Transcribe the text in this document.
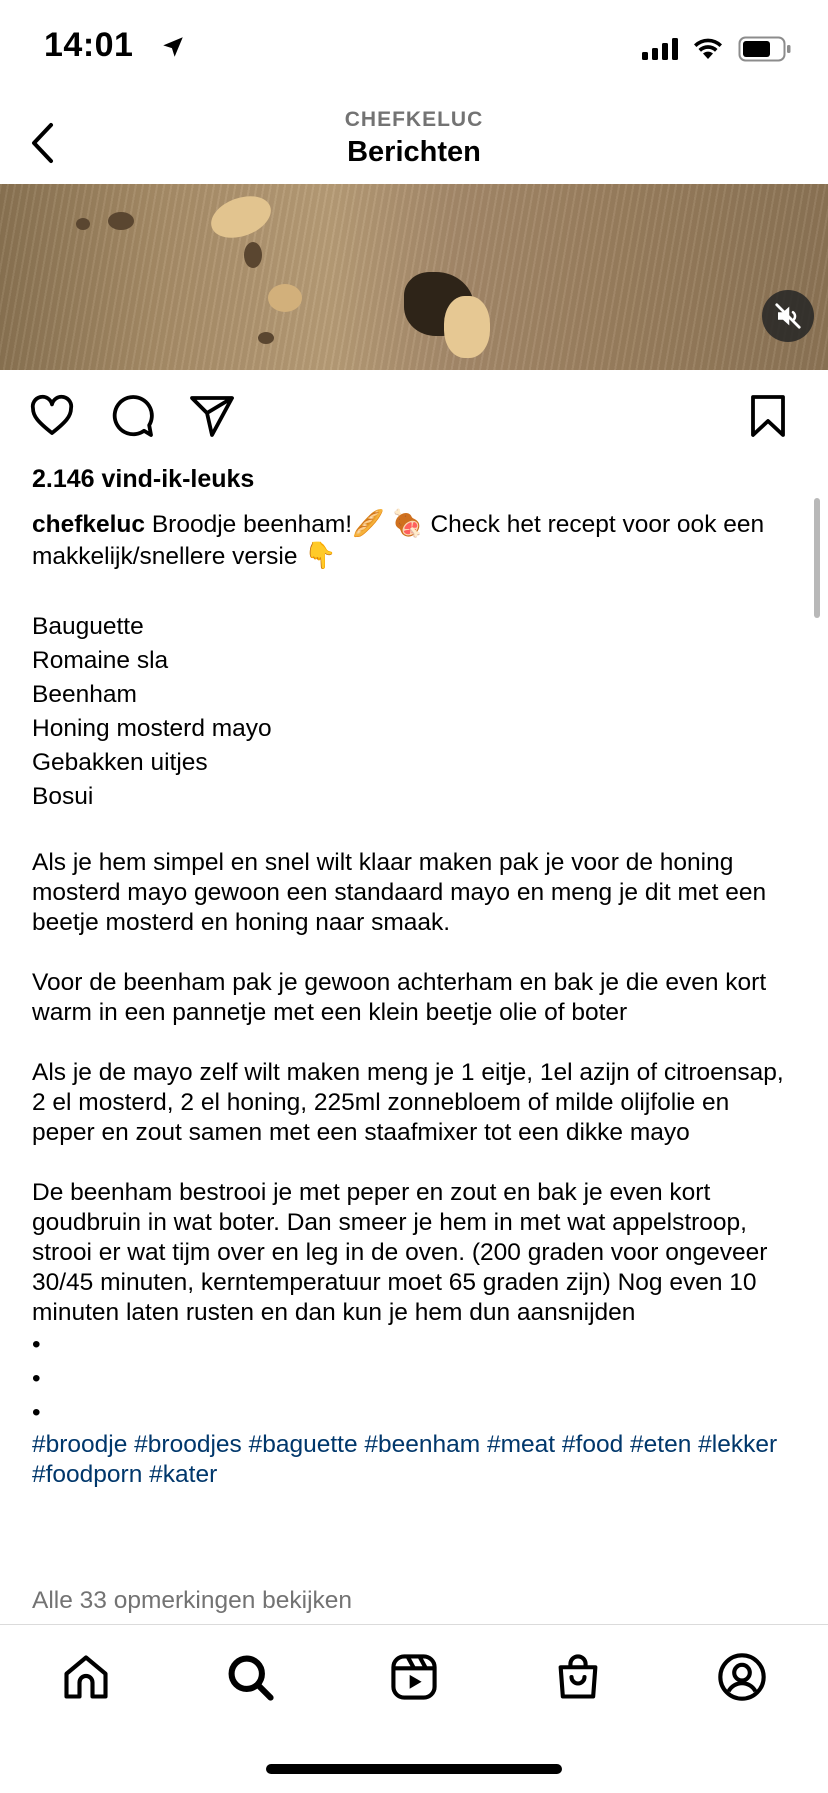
14:01
CHEFKELUC
Berichten
2.146 vind-ik-leuks

chefkeluc Broodje beenham!🥖 🍖 Check het recept voor ook een makkelijk/snellere versie 👇

Bauguette

Romaine sla

Beenham

Honing mosterd mayo

Gebakken uitjes

Bosui

Als je hem simpel en snel wilt klaar maken pak je voor de honing mosterd mayo gewoon een standaard mayo en meng je dit met een beetje mosterd en honing naar smaak.

Voor de beenham pak je gewoon achterham en bak je die even kort warm in een pannetje met een klein beetje olie of boter

Als je de mayo zelf wilt maken meng je 1 eitje, 1el azijn of citroensap, 2 el mosterd, 2 el honing, 225ml zonnebloem of milde olijfolie en peper en zout samen met een staafmixer tot een dikke mayo

De beenham bestrooi je met peper en zout en bak je even kort goudbruin in wat boter. Dan smeer je hem in met wat appelstroop, strooi er wat tijm over en leg in de oven. (200 graden voor ongeveer 30/45 minuten, kerntemperatuur moet 65 graden zijn) Nog even 10 minuten laten rusten en dan kun je hem dun aansnijden

•

•

•

#broodje #broodjes #baguette #beenham #meat #food #eten #lekker #foodporn #kater

Alle 33 opmerkingen bekijken
